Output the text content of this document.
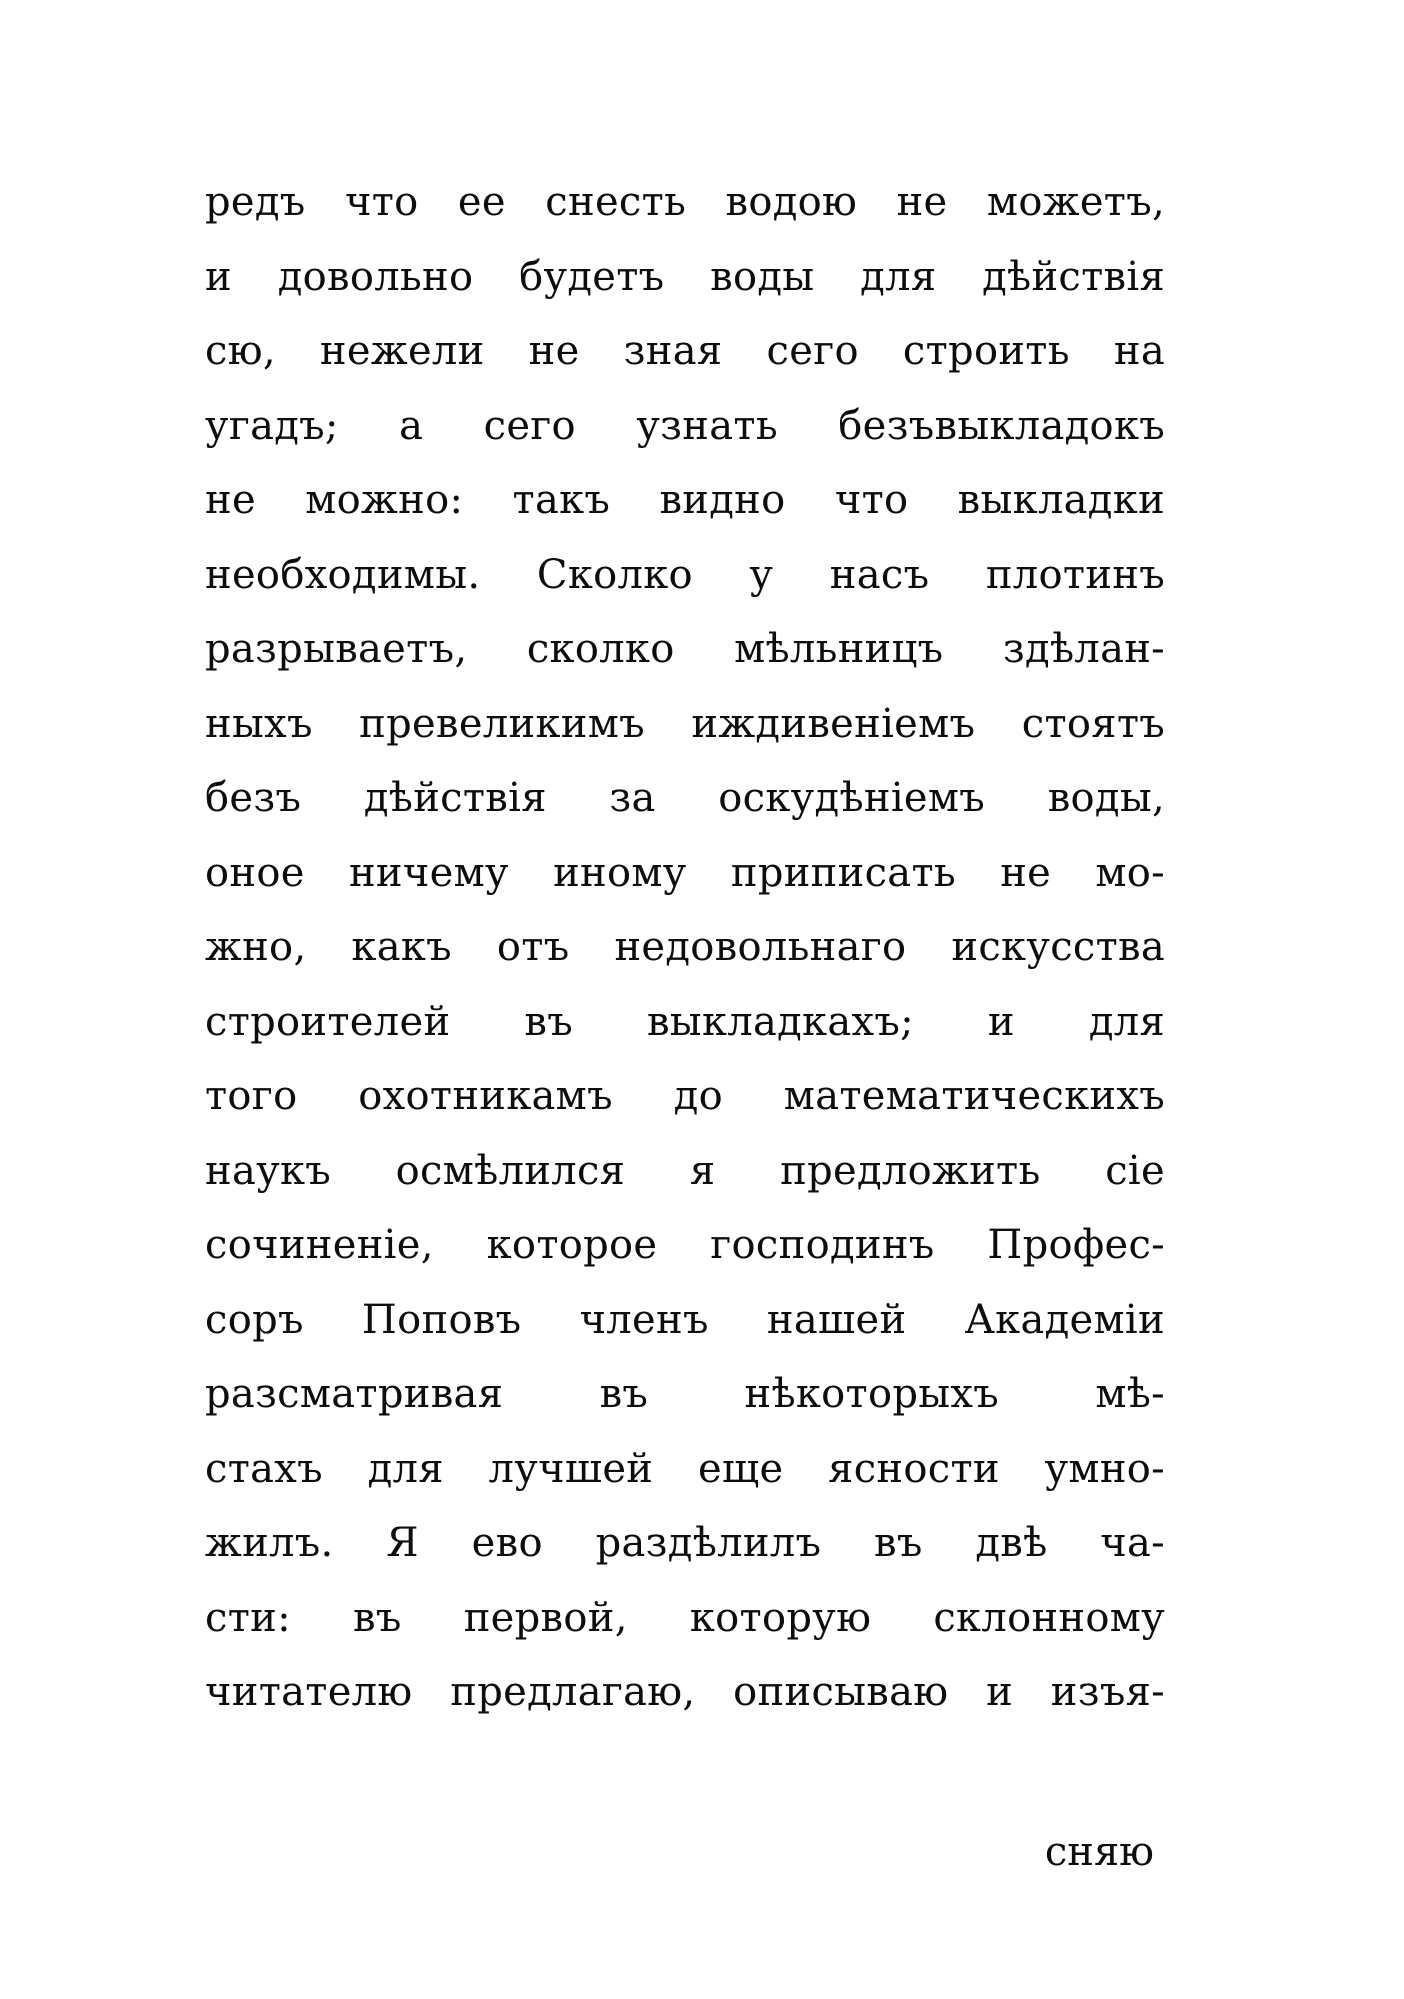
редъ что ее снесть водою не можетъ,
и довольно будетъ воды для дѣйствія
сю, нежели не зная сего строить на
угадъ; а сего узнать безъвыкладокъ
не можно: такъ видно что выкладки
необходимы. Сколко у насъ плотинъ
разрываетъ, сколко мѣльницъ здѣлан-
ныхъ превеликимъ иждивеніемъ стоятъ
безъ дѣйствія за оскудѣніемъ воды,
оное ничему иному приписать не мо-
жно, какъ отъ недовольнаго искусства
строителей въ выкладкахъ; и для
того охотникамъ до математическихъ
наукъ осмѣлился я предложить сіе
сочиненіе, которое господинъ Профес-
соръ Поповъ членъ нашей Академіи
разсматривая въ нѣкоторыхъ мѣ-
стахъ для лучшей еще ясности умно-
жилъ. Я ево раздѣлилъ въ двѣ ча-
сти: въ первой, которую склонному
читателю предлагаю, описываю и изъя-
сняю
